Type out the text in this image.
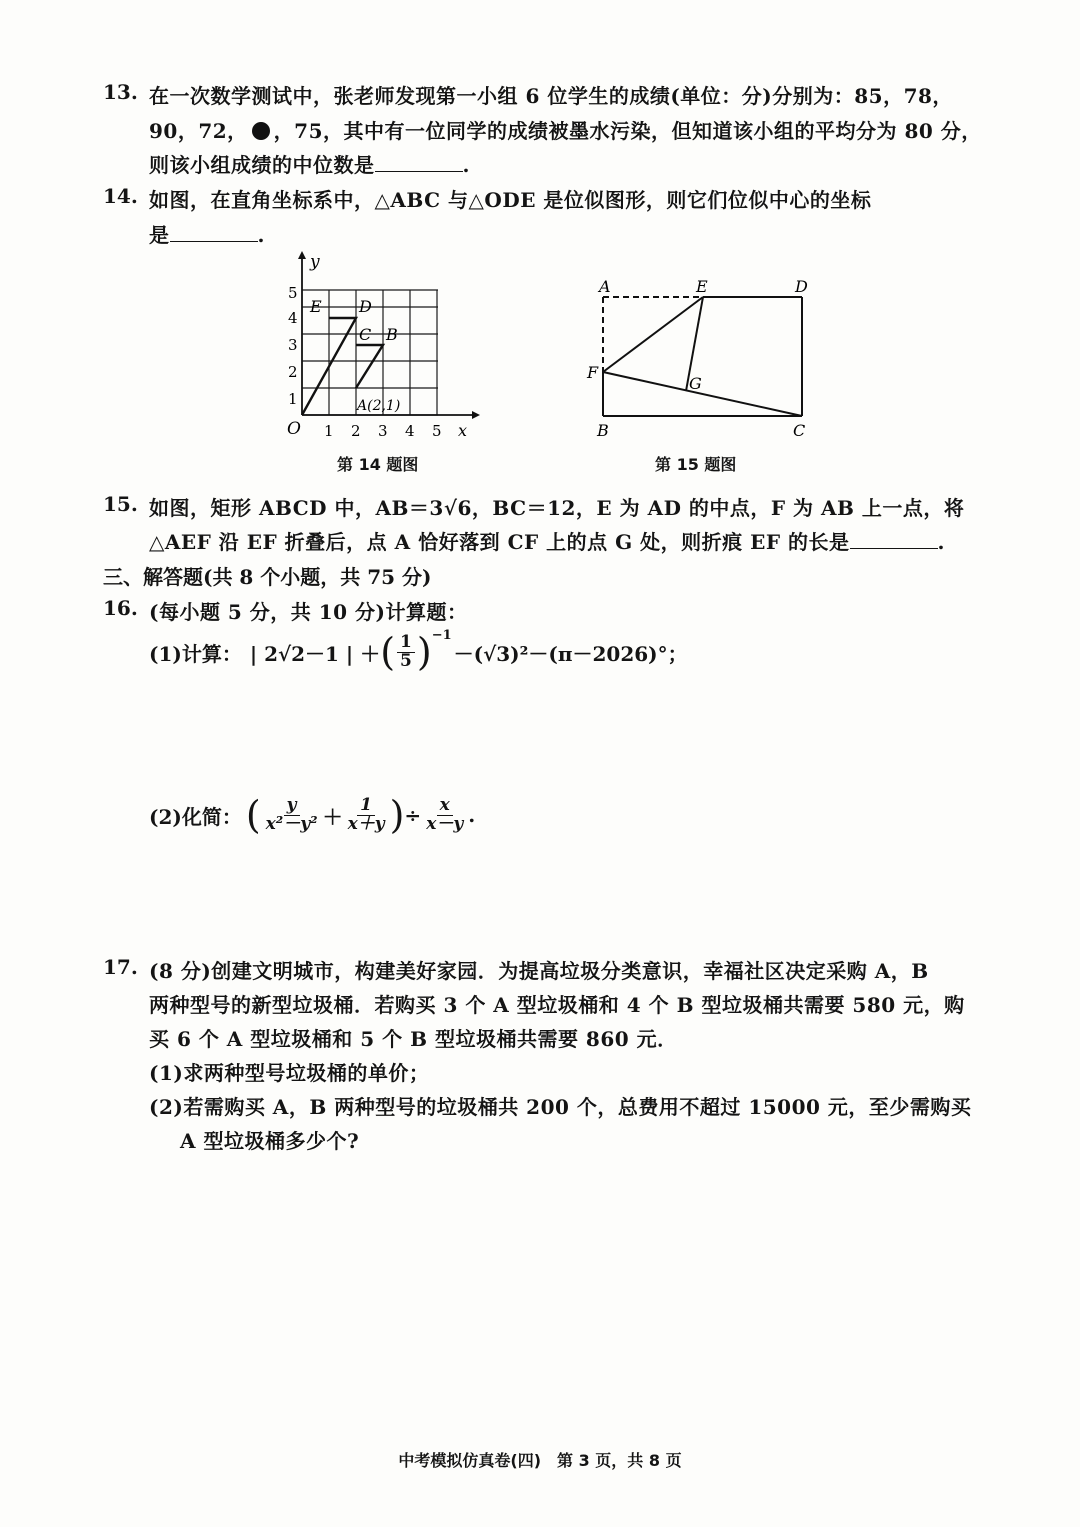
13. 在一次数学测试中，张老师发现第一小组 6 位学生的成绩(单位：分)分别为：85，78，
90，72， ，75，其中有一位同学的成绩被墨水污染，但知道该小组的平均分为 80 分，
则该小组成绩的中位数是	.
14. 如图，在直角坐标系中，△ABC 与△ODE 是位似图形，则它们位似中心的坐标
是	.
y
x
O 1 2 3 4 5
1
2
3
4
5
E D
C B
A(2,1)
第 14 题图
A	E	D
F
G
B	C
第 15 题图
15. 如图，矩形 ABCD 中，AB＝3√6，BC＝12，E 为 AD 的中点，F 为 AB 上一点，将
△AEF 沿 EF 折叠后，点 A 恰好落到 CF 上的点 G 处，则折痕 EF 的长是	.
三、解答题(共 8 个小题，共 75 分)
16. (每小题 5 分，共 10 分)计算题：
(1)计算： | 2√2－1 | ＋ ( $\frac{1}{5}$ ) −1
－(√3)²－(π－2026)°；
(2)化简： ( $\frac{y}{\text{x²－y²}} + \frac{1}{x+y}$ ) ÷ $\frac{x}{x-y}$ .
17. (8 分)创建文明城市，构建美好家园．为提高垃圾分类意识，幸福社区决定采购 A，B
两种型号的新型垃圾桶．若购买 3 个 A 型垃圾桶和 4 个 B 型垃圾桶共需要 580 元，购
买 6 个 A 型垃圾桶和 5 个 B 型垃圾桶共需要 860 元．
(1)求两种型号垃圾桶的单价；
(2)若需购买 A，B 两种型号的垃圾桶共 200 个，总费用不超过 15000 元，至少需购买
A 型垃圾桶多少个?
中考模拟仿真卷(四)　第 3 页，共 8 页
